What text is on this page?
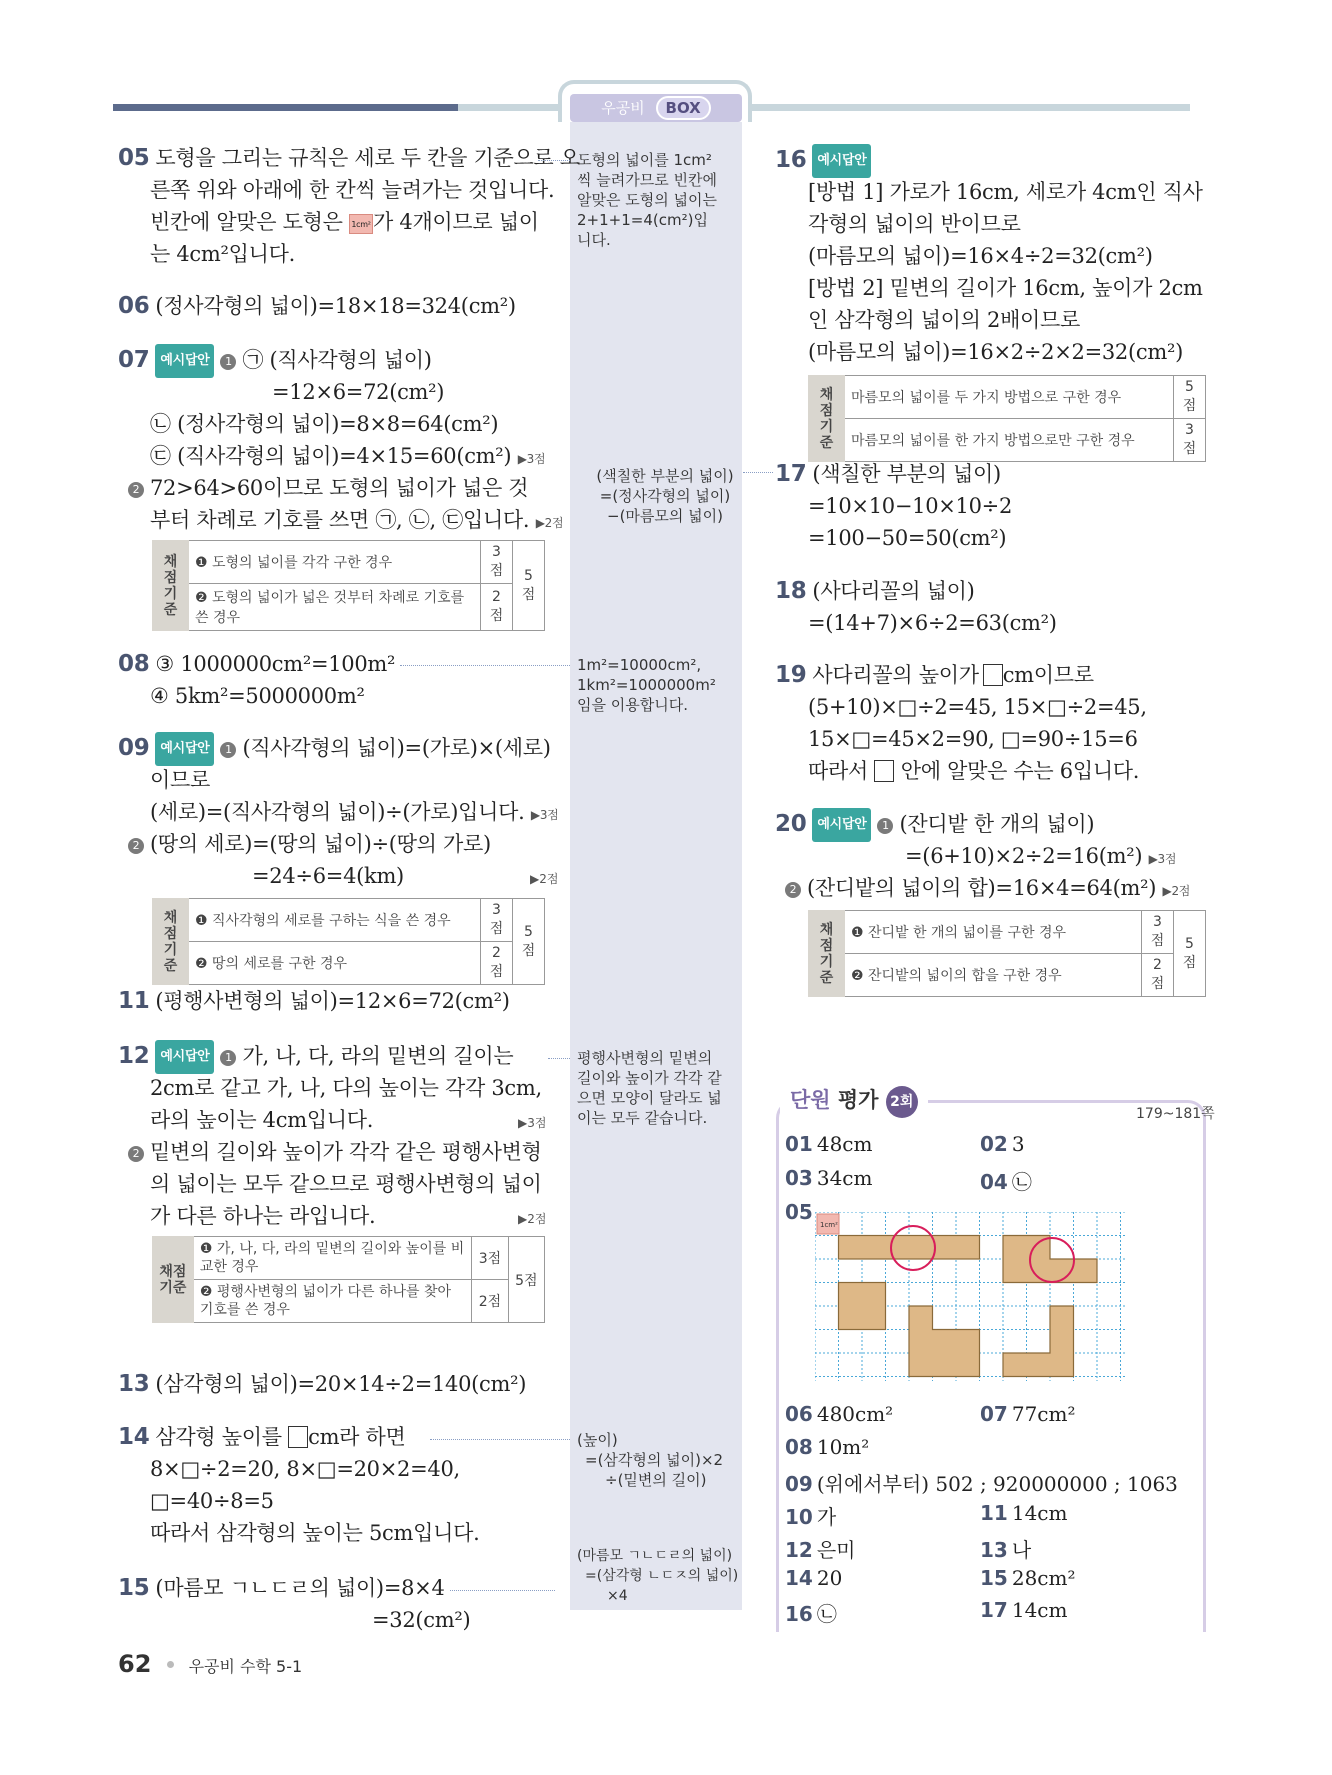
우공비 BOX
05 도형을 그리는 규칙은 세로 두 칸을 기준으로 오
른쪽 위와 아래에 한 칸씩 늘려가는 것입니다.
빈칸에 알맞은 도형은 1cm² 가 4개이므로 넓이
는 4cm²입니다.
06 (정사각형의 넓이)=18×18=324(cm²)
07 예시답안 1 ㉠ (직사각형의 넓이)
=12×6=72(cm²)
㉡ (정사각형의 넓이)=8×8=64(cm²)
㉢ (직사각형의 넓이)=4×15=60(cm²) ▶3점
2 72>64>60이므로 도형의 넓이가 넓은 것
부터 차례로 기호를 쓰면 ㉠, ㉡, ㉢입니다. ▶2점
채점 기준	❶ 도형의 넓이를 각각 구한 경우	3점	5점
	❷ 도형의 넓이가 넓은 것부터 차례로 기호를 쓴 경우	2점	
08 ③ 1000000cm²=100m²
④ 5km²=5000000m²
09 예시답안 1 (직사각형의 넓이)=(가로)×(세로)
이므로
(세로)=(직사각형의 넓이)÷(가로)입니다. ▶3점
2 (땅의 세로)=(땅의 넓이)÷(땅의 가로)
=24÷6=4(km)	▶2점
채점 기준	❶ 직사각형의 세로를 구하는 식을 쓴 경우	3점	5점
	❷ 땅의 세로를 구한 경우	2점	
11 (평행사변형의 넓이)=12×6=72(cm²)
12 예시답안 1 가, 나, 다, 라의 밑변의 길이는
2cm로 같고 가, 나, 다의 높이는 각각 3cm,
라의 높이는 4cm입니다.	▶3점
2 밑변의 길이와 높이가 각각 같은 평행사변형
의 넓이는 모두 같으므로 평행사변형의 넓이
가 다른 하나는 라입니다.	▶2점
채점 기준	❶ 가, 나, 다, 라의 밑변의 길이와 높이를 비교한 경우	3점	5점
	❷ 평행사변형의 넓이가 다른 하나를 찾아 기호를 쓴 경우	2점	
13 (삼각형의 넓이)=20×14÷2=140(cm²)
14 삼각형 높이를 cm라 하면
8×□÷2=20, 8×□=20×2=40,
□=40÷8=5
따라서 삼각형의 높이는 5cm입니다.
15 (마름모 ㄱㄴㄷㄹ의 넓이)=8×4
=32(cm²)
도형의 넓이를 1cm²
씩 늘려가므로 빈칸에
알맞은 도형의 넓이는
2+1+1=4(cm²)입
니다.
(색칠한 부분의 넓이)
=(정사각형의 넓이)
−(마름모의 넓이)
1m²=10000cm²,
1km²=1000000m²
임을 이용합니다.
평행사변형의 밑변의
길이와 높이가 각각 같
으면 모양이 달라도 넓
이는 모두 같습니다.
(높이)
=(삼각형의 넓이)×2
÷(밑변의 길이)
(마름모 ㄱㄴㄷㄹ의 넓이)
=(삼각형 ㄴㄷㅈ의 넓이)
×4
16 예시답안
[방법 1] 가로가 16cm, 세로가 4cm인 직사
각형의 넓이의 반이므로
(마름모의 넓이)=16×4÷2=32(cm²)
[방법 2] 밑변의 길이가 16cm, 높이가 2cm
인 삼각형의 넓이의 2배이므로
(마름모의 넓이)=16×2÷2×2=32(cm²)
채점 기준	마름모의 넓이를 두 가지 방법으로 구한 경우	5점
	마름모의 넓이를 한 가지 방법으로만 구한 경우	3점
17 (색칠한 부분의 넓이)
=10×10−10×10÷2
=100−50=50(cm²)
18 (사다리꼴의 넓이)
=(14+7)×6÷2=63(cm²)
19 사다리꼴의 높이가 cm이므로
(5+10)×□÷2=45, 15×□÷2=45,
15×□=45×2=90, □=90÷15=6
따라서 안에 알맞은 수는 6입니다.
20 예시답안 1 (잔디밭 한 개의 넓이)
=(6+10)×2÷2=16(m²) ▶3점
2 (잔디밭의 넓이의 합)=16×4=64(m²) ▶2점
채점 기준	❶ 잔디밭 한 개의 넓이를 구한 경우	3점	5점
	❷ 잔디밭의 넓이의 합을 구한 경우	2점	
단원 평가 2회
179~181쪽
01 48cm	02 3
03 34cm	04 ㉡
05
06 480cm²	07 77cm²
08 10m²
09 (위에서부터) 502 ; 920000000 ; 1063
10 가	11 14cm
12 은미	13 나
14 20	15 28cm²
16 ㉡	17 14cm
1cm²
62 우공비 수학 5-1
